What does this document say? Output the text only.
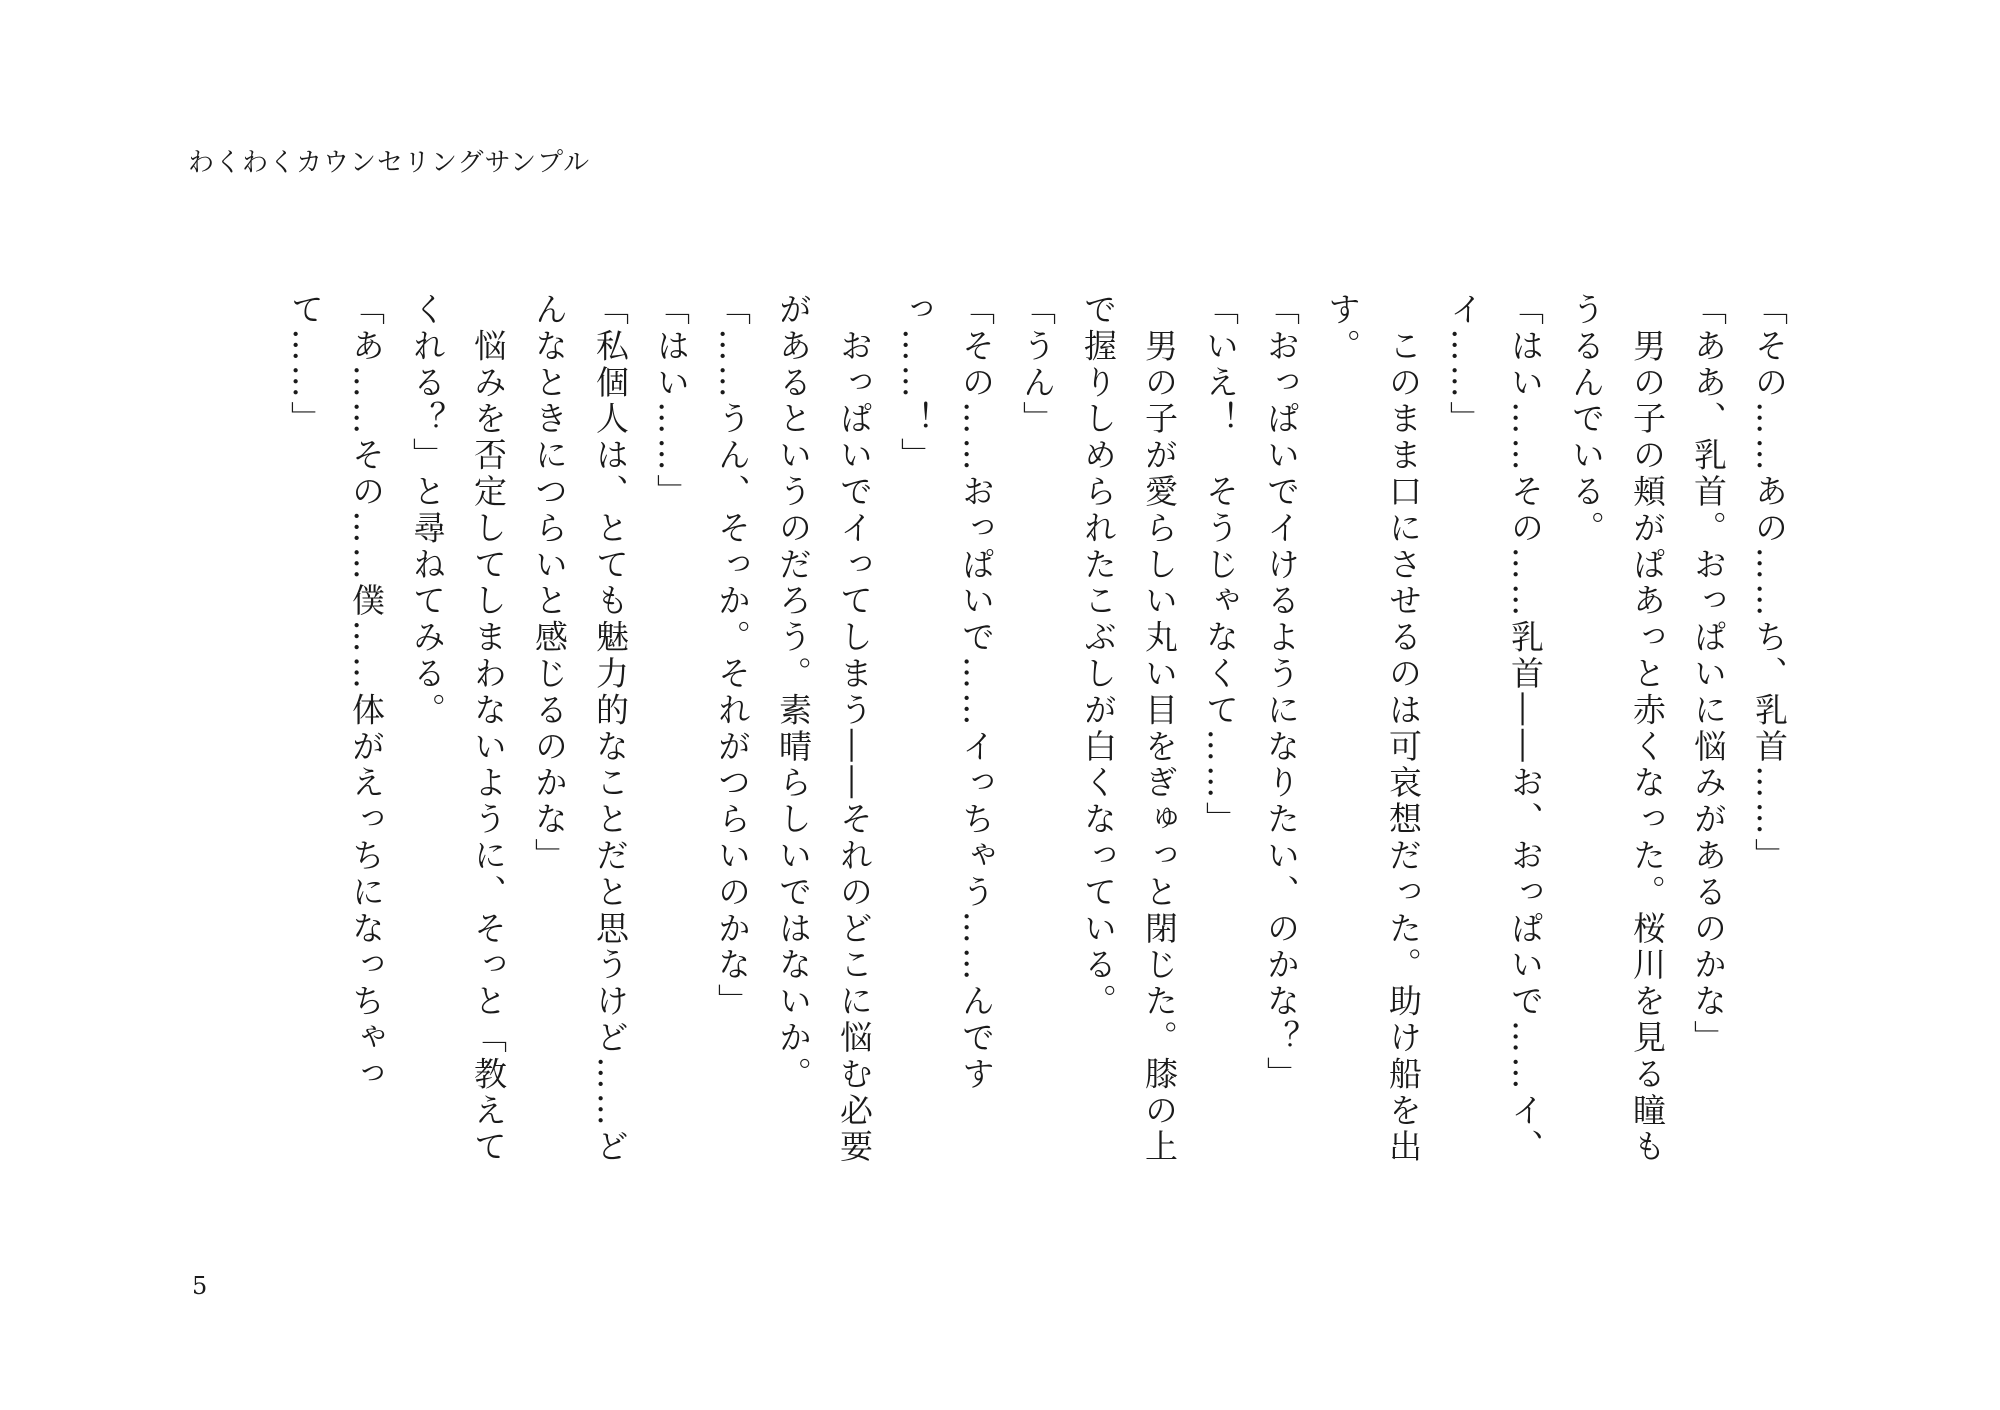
わくわくカウンセリングサンプル

「その……あの……ち、乳首……」

「ああ、乳首。おっぱいに悩みがあるのかな」

　男の子の頬がぱあっと赤くなった。桜川を見る瞳もうるんでいる。

「はい……その……乳首――お、おっぱいで……イ、イ……」

　このまま口にさせるのは可哀想だった。助け船を出す。

「おっぱいでイけるようになりたい、のかな？」

「いえ！　そうじゃなくて……」

　男の子が愛らしい丸い目をぎゅっと閉じた。膝の上で握りしめられたこぶしが白くなっている。

「うん」

「その……おっぱいで……イっちゃう……んですっ……！」

　おっぱいでイってしまう――それのどこに悩む必要があるというのだろう。素晴らしいではないか。

「……うん、そっか。それがつらいのかな」

「はい……」

「私個人は、とても魅力的なことだと思うけど……どんなときにつらいと感じるのかな」

　悩みを否定してしまわないように、そっと「教えてくれる？」と尋ねてみる。

「あ……その……僕……体がえっちになっちゃって……」

5
